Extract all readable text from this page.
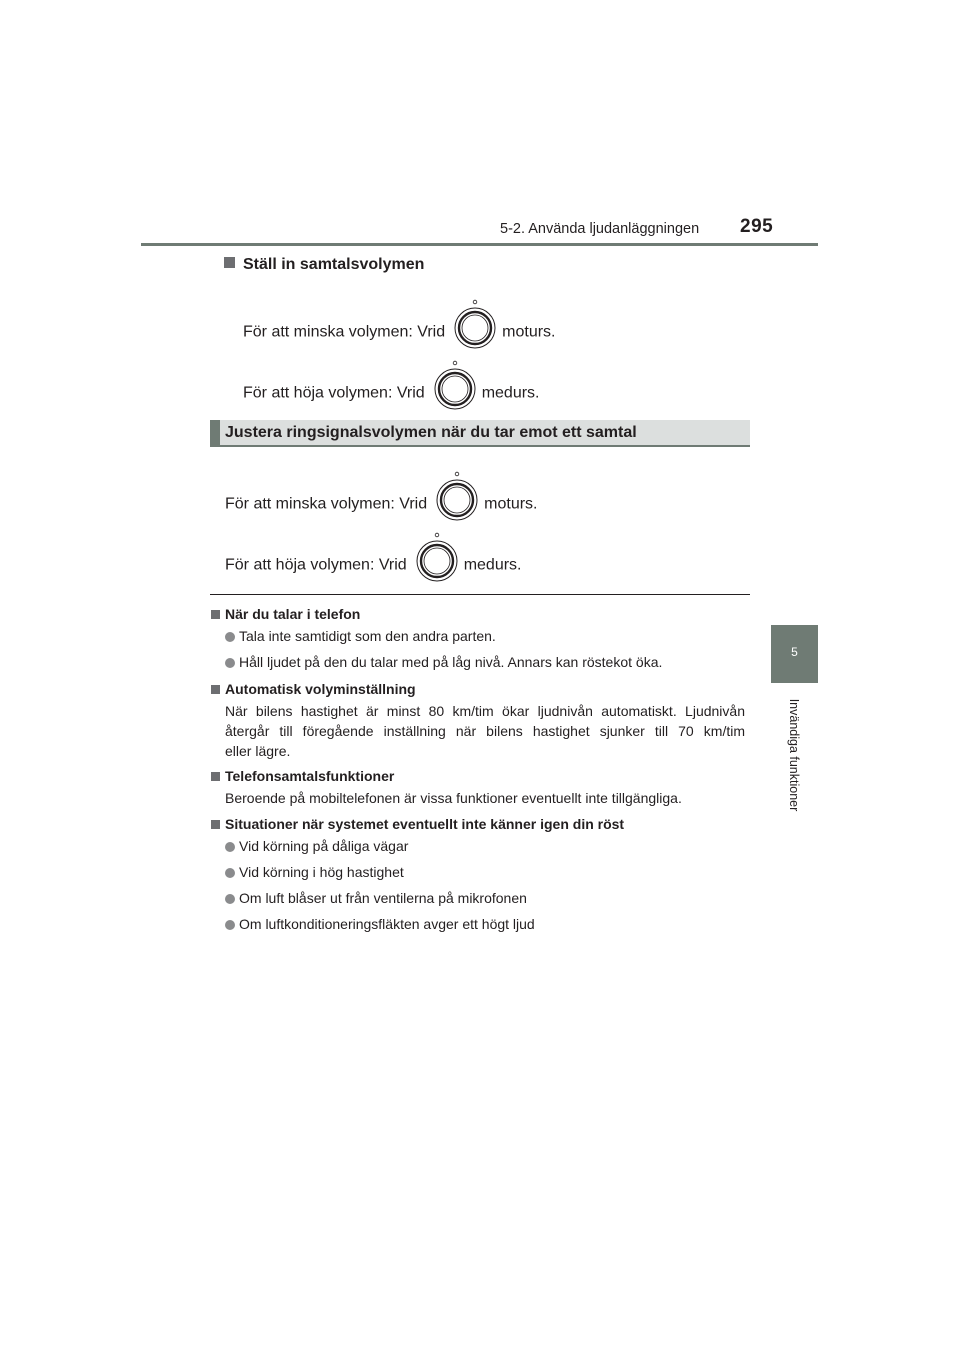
5-2. Använda ljudanläggningen 295
5
Invändiga funktioner
Ställ in samtalsvolymen
För att minska volymen: Vrid	moturs.
För att höja volymen: Vrid	medurs.
Justera ringsignalsvolymen när du tar emot ett samtal
För att minska volymen: Vrid	moturs.
För att höja volymen: Vrid	medurs.
När du talar i telefon
Tala inte samtidigt som den andra parten.
Håll ljudet på den du talar med på låg nivå. Annars kan röstekot öka.
Automatisk volyminställning
När bilens hastighet är minst 80 km/tim ökar ljudnivån automatiskt. Ljudnivån
återgår till föregående inställning när bilens hastighet sjunker till 70 km/tim
eller lägre.
Telefonsamtalsfunktioner
Beroende på mobiltelefonen är vissa funktioner eventuellt inte tillgängliga.
Situationer när systemet eventuellt inte känner igen din röst
Vid körning på dåliga vägar
Vid körning i hög hastighet
Om luft blåser ut från ventilerna på mikrofonen
Om luftkonditioneringsfläkten avger ett högt ljud
